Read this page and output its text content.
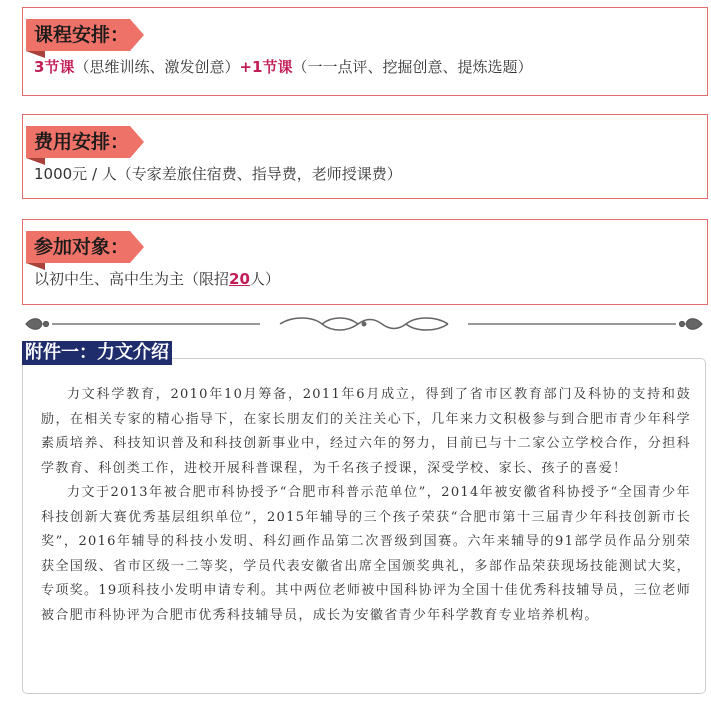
课程安排：
3节课（思维训练、激发创意）+1节课（一一点评、挖掘创意、提炼选题）
费用安排：
1000元 / 人（专家差旅住宿费、指导费，老师授课费）
参加对象：
以初中生、高中生为主（限招20人）

力文科学教育，2010年10月筹备，2011年6月成立，得到了省市区教育部门及科协的支持和鼓励，在相关专家的精心指导下，在家长朋友们的关注关心下，几年来力文积极参与到合肥市青少年科学素质培养、科技知识普及和科技创新事业中，经过六年的努力，目前已与十二家公立学校合作，分担科学教育、科创类工作，进校开展科普课程，为千名孩子授课，深受学校、家长、孩子的喜爱！

力文于2013年被合肥市科协授予“合肥市科普示范单位”，2014年被安徽省科协授予“全国青少年科技创新大赛优秀基层组织单位”，2015年辅导的三个孩子荣获“合肥市第十三届青少年科技创新市长奖”，2016年辅导的科技小发明、科幻画作品第二次晋级到国赛。六年来辅导的91部学员作品分别荣获全国级、省市区级一二等奖，学员代表安徽省出席全国颁奖典礼，多部作品荣获现场技能测试大奖，专项奖。19项科技小发明申请专利。其中两位老师被中国科协评为全国十佳优秀科技辅导员，三位老师被合肥市科协评为合肥市优秀科技辅导员，成长为安徽省青少年科学教育专业培养机构。

附件一：力文介绍
